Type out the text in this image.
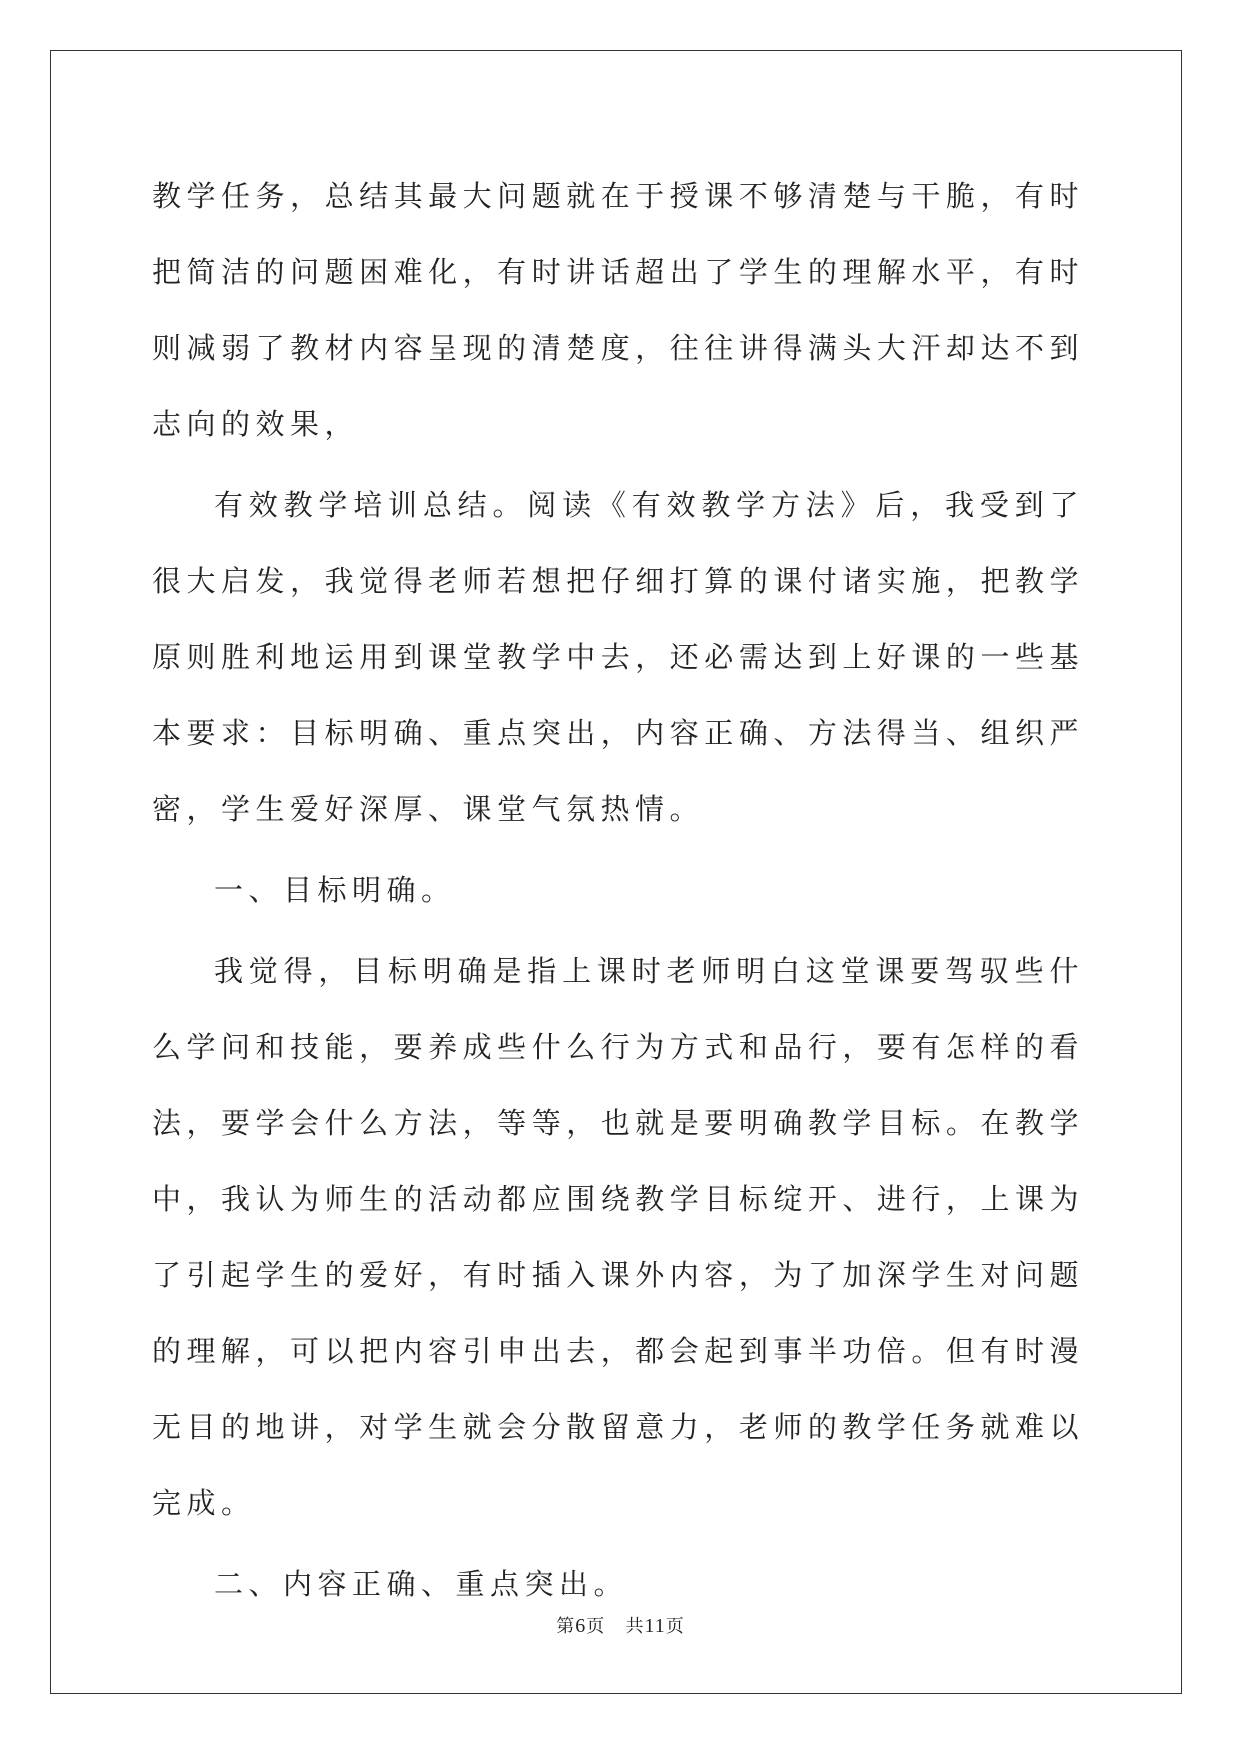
教学任务，总结其最大问题就在于授课不够清楚与干脆，有时把简洁的问题困难化，有时讲话超出了学生的理解水平，有时则减弱了教材内容呈现的清楚度，往往讲得满头大汗却达不到志向的效果，

有效教学培训总结。阅读《有效教学方法》后，我受到了很大启发，我觉得老师若想把仔细打算的课付诸实施，把教学原则胜利地运用到课堂教学中去，还必需达到上好课的一些基本要求：目标明确、重点突出，内容正确、方法得当、组织严密，学生爱好深厚、课堂气氛热情。

一、目标明确。

我觉得，目标明确是指上课时老师明白这堂课要驾驭些什么学问和技能，要养成些什么行为方式和品行，要有怎样的看法，要学会什么方法，等等，也就是要明确教学目标。在教学中，我认为师生的活动都应围绕教学目标绽开、进行，上课为了引起学生的爱好，有时插入课外内容，为了加深学生对问题的理解，可以把内容引申出去，都会起到事半功倍。但有时漫无目的地讲，对学生就会分散留意力，老师的教学任务就难以完成。

二、内容正确、重点突出。

第6页 共11页
